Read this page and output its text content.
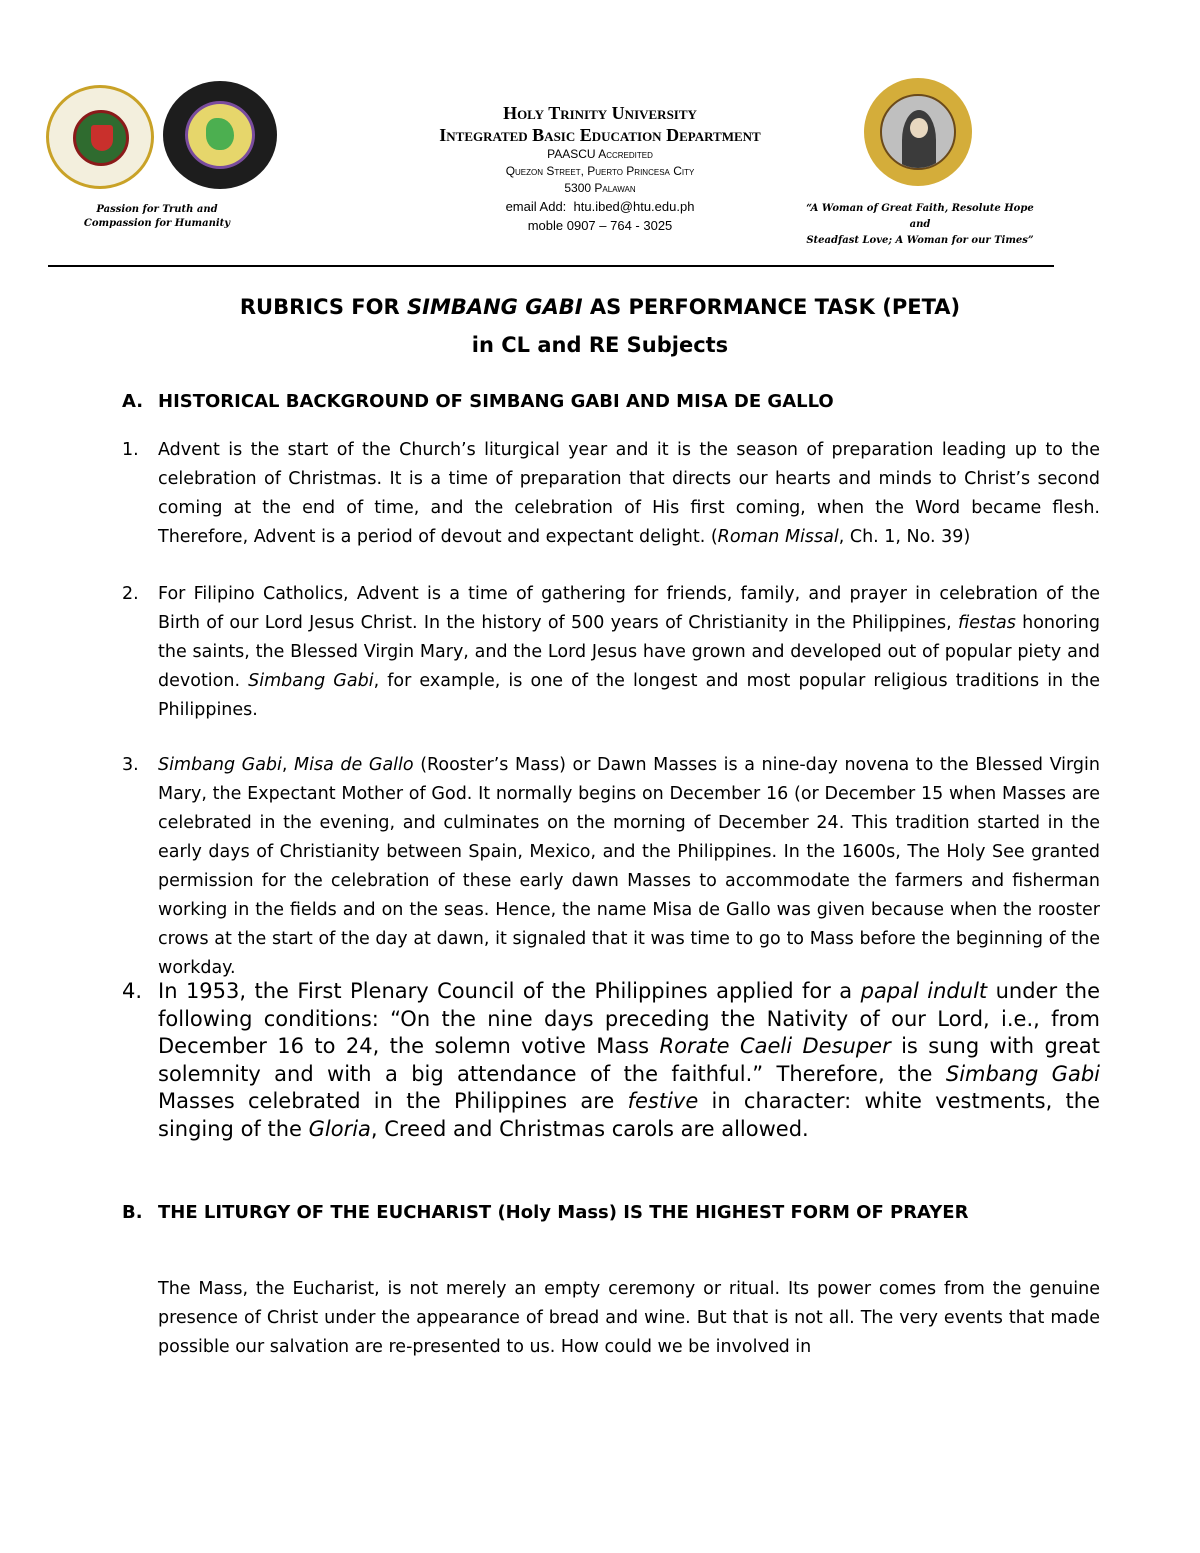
Passion for Truth and
Compassion for Humanity
Holy Trinity University
Integrated Basic Education Department
PAASCU Accredited
Quezon Street, Puerto Princesa City
5300 Palawan
email Add: htu.ibed@htu.edu.ph
moble 0907 – 764 - 3025
“A Woman of Great Faith, Resolute Hope and
Steadfast Love; A Woman for our Times”
RUBRICS FOR SIMBANG GABI AS PERFORMANCE TASK (PETA)
in CL and RE Subjects
A. HISTORICAL BACKGROUND OF SIMBANG GABI AND MISA DE GALLO
1. Advent is the start of the Church’s liturgical year and it is the season of preparation leading up to the celebration of Christmas. It is a time of preparation that directs our hearts and minds to Christ’s second coming at the end of time, and the celebration of His first coming, when the Word became flesh. Therefore, Advent is a period of devout and expectant delight. (Roman Missal, Ch. 1, No. 39)
2. For Filipino Catholics, Advent is a time of gathering for friends, family, and prayer in celebration of the Birth of our Lord Jesus Christ. In the history of 500 years of Christianity in the Philippines, fiestas honoring the saints, the Blessed Virgin Mary, and the Lord Jesus have grown and developed out of popular piety and devotion. Simbang Gabi, for example, is one of the longest and most popular religious traditions in the Philippines.
3. Simbang Gabi, Misa de Gallo (Rooster’s Mass) or Dawn Masses is a nine-day novena to the Blessed Virgin Mary, the Expectant Mother of God. It normally begins on December 16 (or December 15 when Masses are celebrated in the evening, and culminates on the morning of December 24. This tradition started in the early days of Christianity between Spain, Mexico, and the Philippines. In the 1600s, The Holy See granted permission for the celebration of these early dawn Masses to accommodate the farmers and fisherman working in the fields and on the seas. Hence, the name Misa de Gallo was given because when the rooster crows at the start of the day at dawn, it signaled that it was time to go to Mass before the beginning of the workday.
4. In 1953, the First Plenary Council of the Philippines applied for a papal indult under the following conditions: “On the nine days preceding the Nativity of our Lord, i.e., from December 16 to 24, the solemn votive Mass Rorate Caeli Desuper is sung with great solemnity and with a big attendance of the faithful.” Therefore, the Simbang Gabi Masses celebrated in the Philippines are festive in character: white vestments, the singing of the Gloria, Creed and Christmas carols are allowed.
B. THE LITURGY OF THE EUCHARIST (Holy Mass) IS THE HIGHEST FORM OF PRAYER
The Mass, the Eucharist, is not merely an empty ceremony or ritual. Its power comes from the genuine presence of Christ under the appearance of bread and wine. But that is not all. The very events that made possible our salvation are re-presented to us. How could we be involved in
